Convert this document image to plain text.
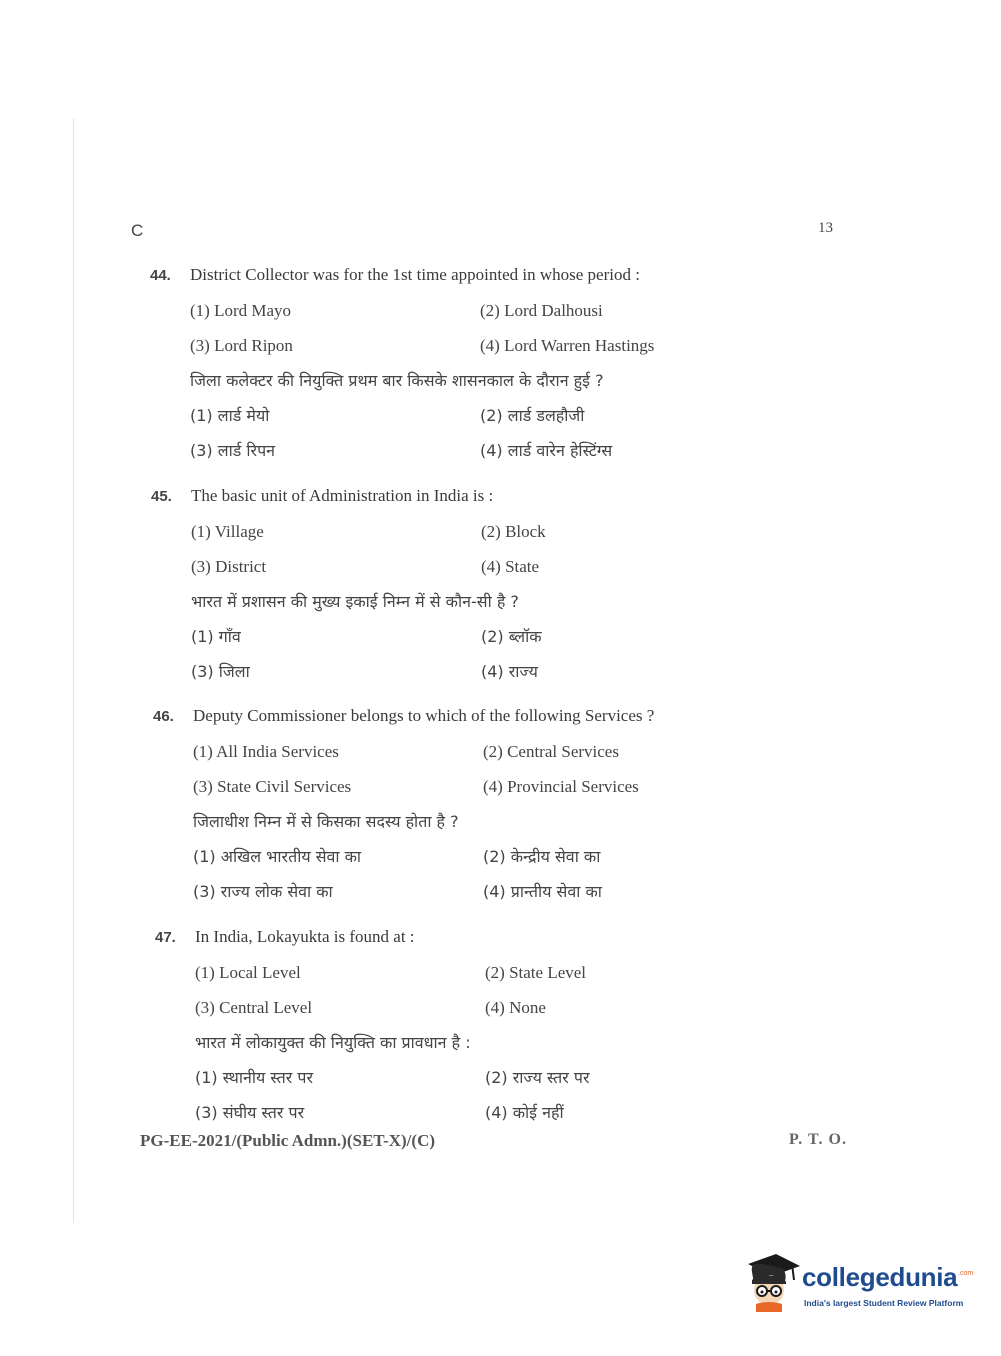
C	13
44. District Collector was for the 1st time appointed in whose period :
(1) Lord Mayo	(2) Lord Dalhousi
(3) Lord Ripon	(4) Lord Warren Hastings
जिला कलेक्टर की नियुक्ति प्रथम बार किसके शासनकाल के दौरान हुई ?
(1) लार्ड मेयो	(2) लार्ड डलहौजी
(3) लार्ड रिपन	(4) लार्ड वारेन हेस्टिंग्स
45. The basic unit of Administration in India is :
(1) Village	(2) Block
(3) District	(4) State
भारत में प्रशासन की मुख्य इकाई निम्न में से कौन-सी है ?
(1) गाँव	(2) ब्लॉक
(3) जिला	(4) राज्य
46. Deputy Commissioner belongs to which of the following Services ?
(1) All India Services	(2) Central Services
(3) State Civil Services	(4) Provincial Services
जिलाधीश निम्न में से किसका सदस्य होता है ?
(1) अखिल भारतीय सेवा का	(2) केन्द्रीय सेवा का
(3) राज्य लोक सेवा का	(4) प्रान्तीय सेवा का
47. In India, Lokayukta is found at :
(1) Local Level	(2) State Level
(3) Central Level	(4) None
भारत में लोकायुक्त की नियुक्ति का प्रावधान है :
(1) स्थानीय स्तर पर	(2) राज्य स्तर पर
(3) संघीय स्तर पर	(4) कोई नहीं
PG-EE-2021/(Public Admn.)(SET-X)/(C)	P. T. O.
collegedunia .com
India's largest Student Review Platform
